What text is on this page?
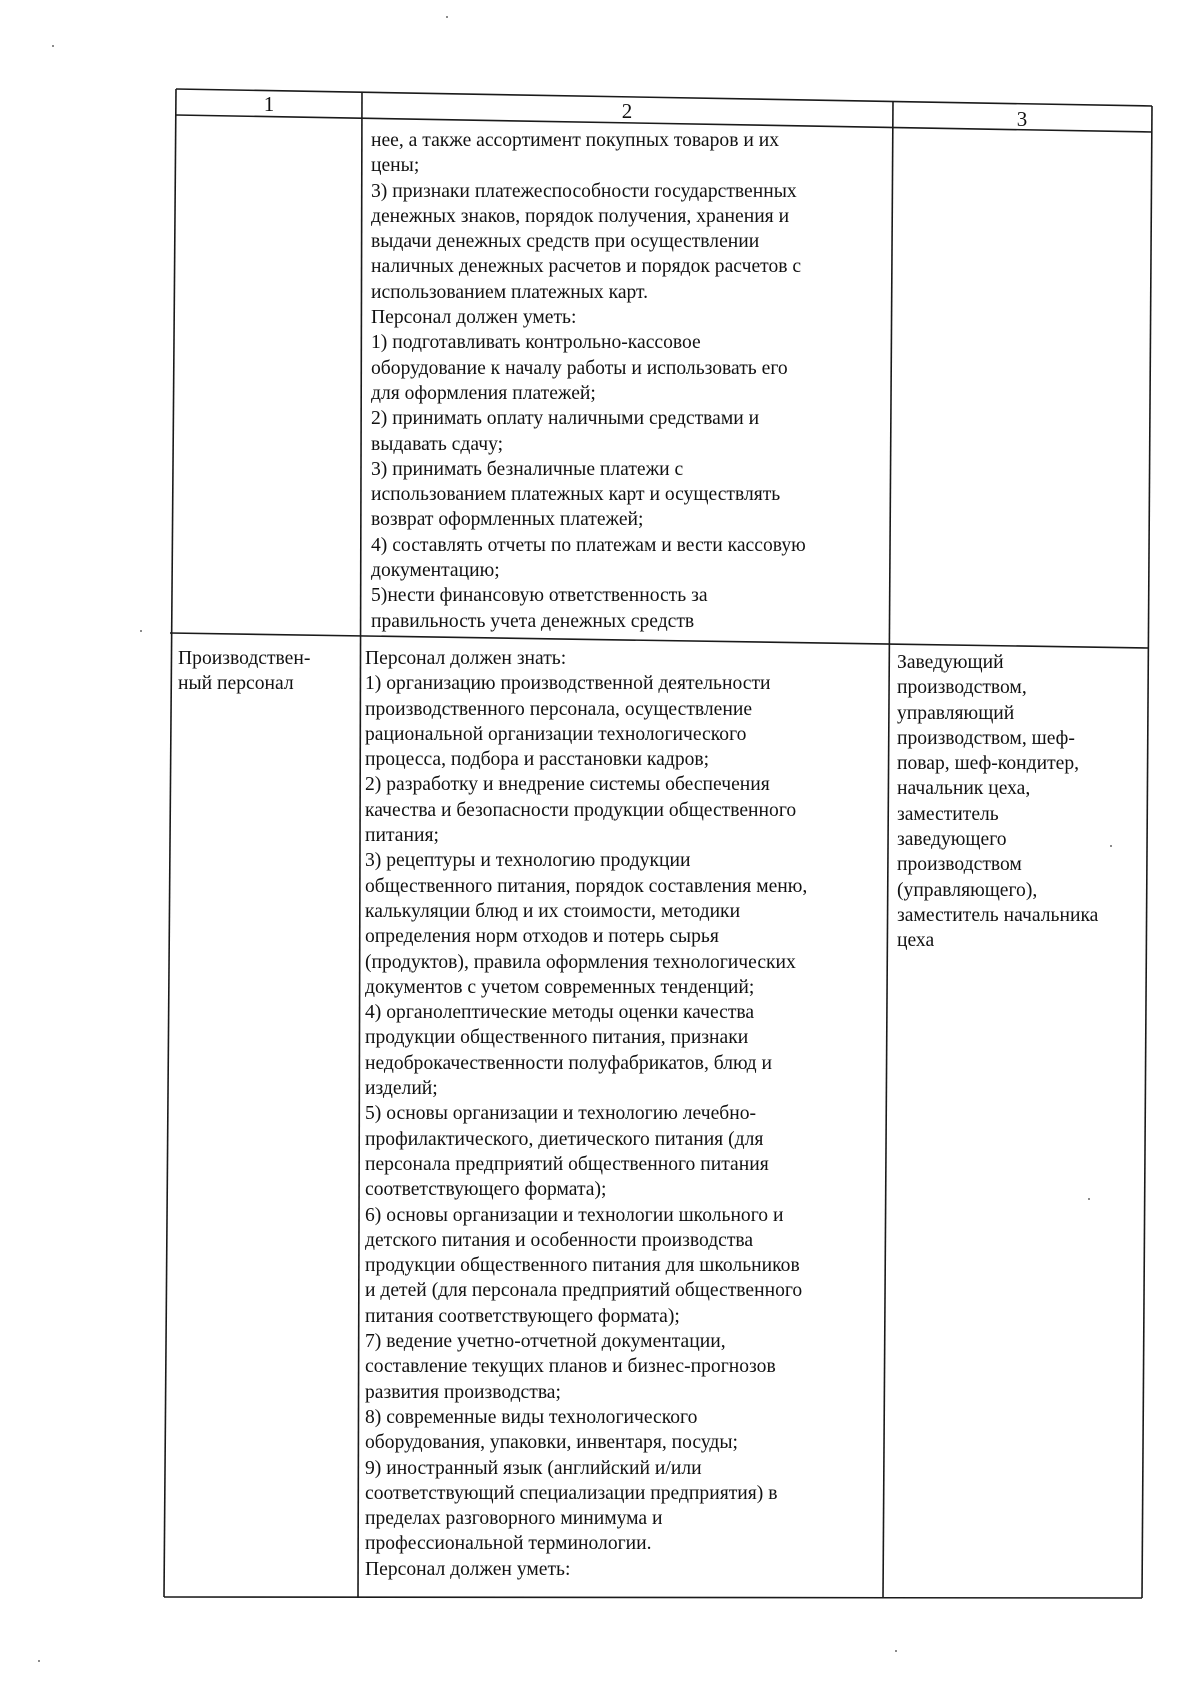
1	2	3

нее, а также ассортимент покупных товаров и их

цены;

3) признаки платежеспособности государственных

денежных знаков, порядок получения, хранения и

выдачи денежных средств при осуществлении

наличных денежных расчетов и порядок расчетов с

использованием платежных карт.

Персонал должен уметь:

1) подготавливать контрольно-кассовое

оборудование к началу работы и использовать его

для оформления платежей;

2) принимать оплату наличными средствами и

выдавать сдачу;

3) принимать безналичные платежи с

использованием платежных карт и осуществлять

возврат оформленных платежей;

4) составлять отчеты по платежам и вести кассовую

документацию;

5)нести финансовую ответственность за

правильность учета денежных средств

Производствен-

ный персонал

Персонал должен знать:

1) организацию производственной деятельности

производственного персонала, осуществление

рациональной организации технологического

процесса, подбора и расстановки кадров;

2) разработку и внедрение системы обеспечения

качества и безопасности продукции общественного

питания;

3) рецептуры и технологию продукции

общественного питания, порядок составления меню,

калькуляции блюд и их стоимости, методики

определения норм отходов и потерь сырья

(продуктов), правила оформления технологических

документов с учетом современных тенденций;

4) органолептические методы оценки качества

продукции общественного питания, признаки

недоброкачественности полуфабрикатов, блюд и

изделий;

5) основы организации и технологию лечебно-

профилактического, диетического питания (для

персонала предприятий общественного питания

соответствующего формата);

6) основы организации и технологии школьного и

детского питания и особенности производства

продукции общественного питания для школьников

и детей (для персонала предприятий общественного

питания соответствующего формата);

7) ведение учетно-отчетной документации,

составление текущих планов и бизнес-прогнозов

развития производства;

8) современные виды технологического

оборудования, упаковки, инвентаря, посуды;

9) иностранный язык (английский и/или

соответствующий специализации предприятия) в

пределах разговорного минимума и

профессиональной терминологии.

Персонал должен уметь:

Заведующий

производством,

управляющий

производством, шеф-

повар, шеф-кондитер,

начальник цеха,

заместитель

заведующего

производством

(управляющего),

заместитель начальника

цеха
